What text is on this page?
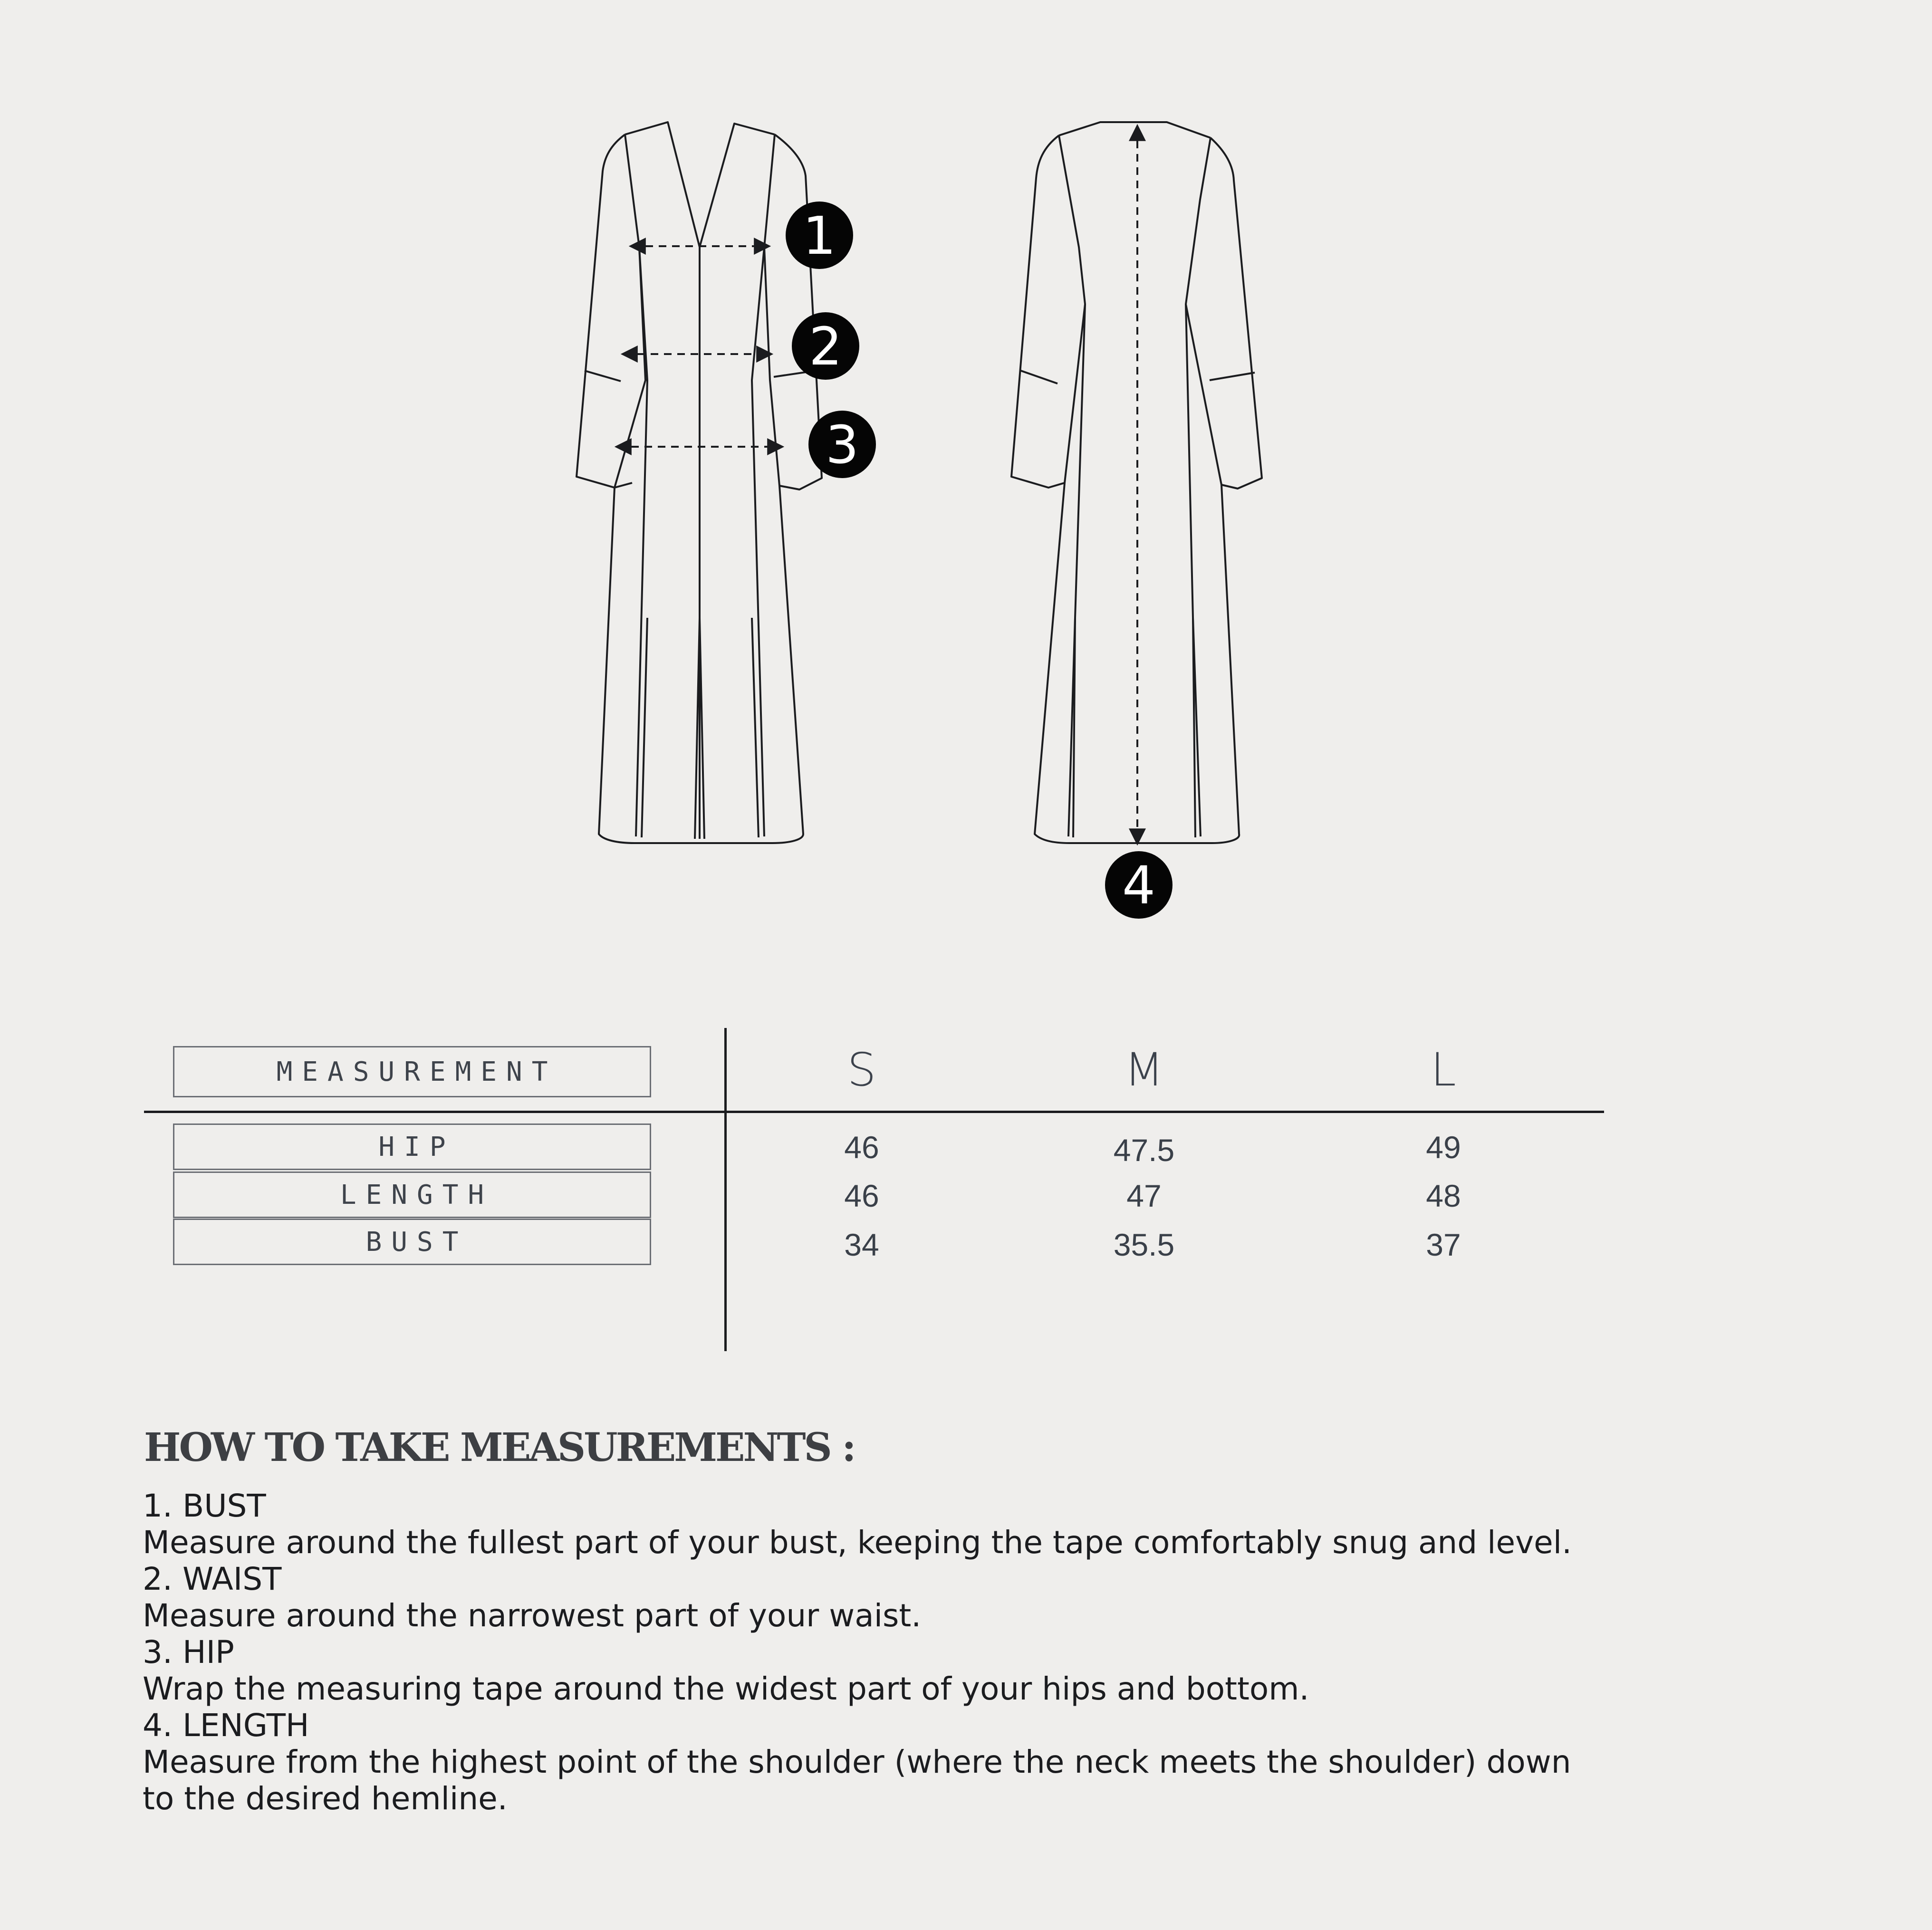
1
2
3
4
MEASUREMENT	S	M	L
HIP	46	47.5	49
LENGTH	46	47	48
BUST	34	35.5	37
HOW TO TAKE MEASUREMENTS :
1. BUST
Measure around the fullest part of your bust, keeping the tape comfortably snug and level.
2. WAIST
Measure around the narrowest part of your waist.
3. HIP
Wrap the measuring tape around the widest part of your hips and bottom.
4. LENGTH
Measure from the highest point of the shoulder (where the neck meets the shoulder) down
to the desired hemline.
